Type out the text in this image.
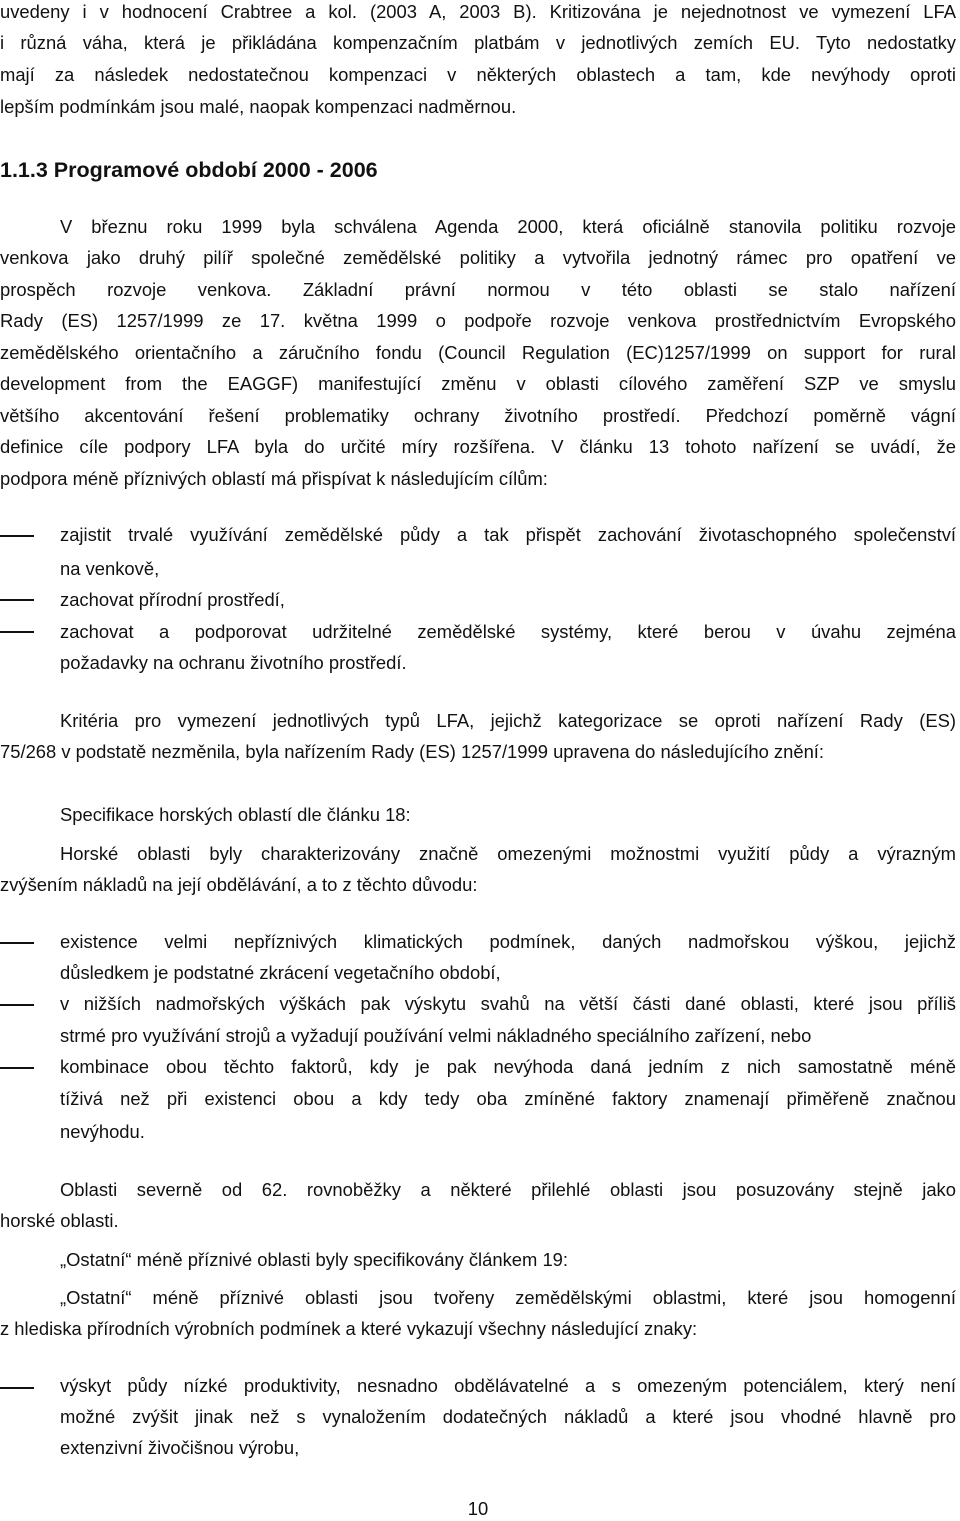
uvedeny i v hodnocení Crabtree a kol. (2003 A, 2003 B). Kritizována je nejednotnost ve vymezení LFA
i různá váha, která je přikládána kompenzačním platbám v jednotlivých zemích EU. Tyto nedostatky
mají za následek nedostatečnou kompenzaci v některých oblastech a tam, kde nevýhody oproti
lepším podmínkám jsou malé, naopak kompenzaci nadměrnou.
1.1.3 Programové období 2000 - 2006
V březnu roku 1999 byla schválena Agenda 2000, která oficiálně stanovila politiku rozvoje
venkova jako druhý pilíř společné zemědělské politiky a vytvořila jednotný rámec pro opatření ve
prospěch rozvoje venkova. Základní právní normou v této oblasti se stalo nařízení
Rady (ES) 1257/1999 ze 17. května 1999 o podpoře rozvoje venkova prostřednictvím Evropského
zemědělského orientačního a záručního fondu (Council Regulation (EC)1257/1999 on support for rural
development from the EAGGF) manifestující změnu v oblasti cílového zaměření SZP ve smyslu
většího akcentování řešení problematiky ochrany životního prostředí. Předchozí poměrně vágní
definice cíle podpory LFA byla do určité míry rozšířena. V článku 13 tohoto nařízení se uvádí, že
podpora méně příznivých oblastí má přispívat k následujícím cílům:
zajistit trvalé využívání zemědělské půdy a tak přispět zachování životaschopného společenství
na venkově,
zachovat přírodní prostředí,
zachovat a podporovat udržitelné zemědělské systémy, které berou v úvahu zejména
požadavky na ochranu životního prostředí.
Kritéria pro vymezení jednotlivých typů LFA, jejichž kategorizace se oproti nařízení Rady (ES)
75/268 v podstatě nezměnila, byla nařízením Rady (ES) 1257/1999 upravena do následujícího znění:
Specifikace horských oblastí dle článku 18:
Horské oblasti byly charakterizovány značně omezenými možnostmi využití půdy a výrazným
zvýšením nákladů na její obdělávání, a to z těchto důvodu:
existence velmi nepříznivých klimatických podmínek, daných nadmořskou výškou, jejichž
důsledkem je podstatné zkrácení vegetačního období,
v nižších nadmořských výškách pak výskytu svahů na větší části dané oblasti, které jsou příliš
strmé pro využívání strojů a vyžadují používání velmi nákladného speciálního zařízení, nebo
kombinace obou těchto faktorů, kdy je pak nevýhoda daná jedním z nich samostatně méně
tíživá než při existenci obou a kdy tedy oba zmíněné faktory znamenají přiměřeně značnou
nevýhodu.
Oblasti severně od 62. rovnoběžky a některé přilehlé oblasti jsou posuzovány stejně jako
horské oblasti.
„Ostatní“ méně příznivé oblasti byly specifikovány článkem 19:
„Ostatní“ méně příznivé oblasti jsou tvořeny zemědělskými oblastmi, které jsou homogenní
z hlediska přírodních výrobních podmínek a které vykazují všechny následující znaky:
výskyt půdy nízké produktivity, nesnadno obdělávatelné a s omezeným potenciálem, který není
možné zvýšit jinak než s vynaložením dodatečných nákladů a které jsou vhodné hlavně pro
extenzivní živočišnou výrobu,
10
